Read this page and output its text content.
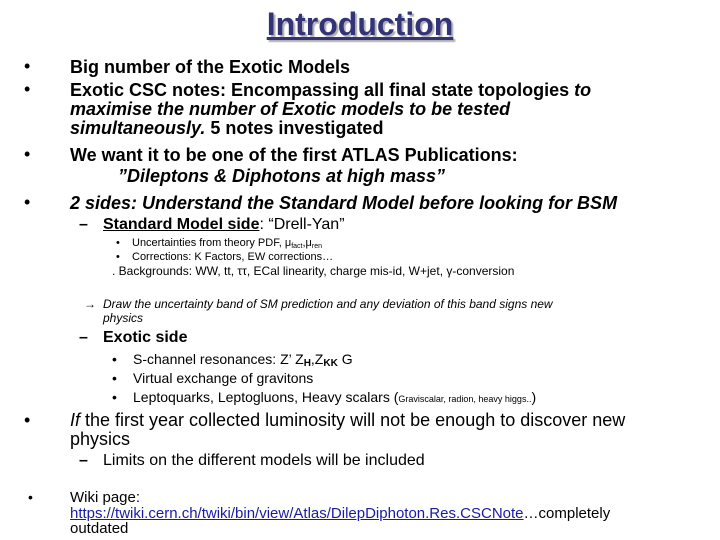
Introduction
• Big number of the Exotic Models
• Exotic CSC notes: Encompassing all final state topologies to
maximise the number of Exotic models to be tested
simultaneously. 5 notes investigated
• We want it to be one of the first ATLAS Publications:
”Dileptons & Diphotons at high mass”
• 2 sides: Understand the Standard Model before looking for BSM
– Standard Model side: “Drell-Yan”
• Uncertainties from theory PDF, $\mu_{fact},\mu_{ren}$
• Corrections: K Factors, EW corrections…
. Backgrounds: WW, tt, ττ, ECal linearity, charge mis-id, W+jet, γ-conversion
→ Draw the uncertainty band of SM prediction and any deviation of this band signs new
physics
– Exotic side
• S-channel resonances: Z’ $Z_H,Z_{KK}$ G
• Virtual exchange of gravitons
• Leptoquarks, Leptogluons, Heavy scalars (Graviscalar, radion, heavy higgs..)
• If the first year collected luminosity will not be enough to discover new
physics
– Limits on the different models will be included
• Wiki page:
https://twiki.cern.ch/twiki/bin/view/Atlas/DilepDiphoton.Res.CSCNote…completely
outdated
